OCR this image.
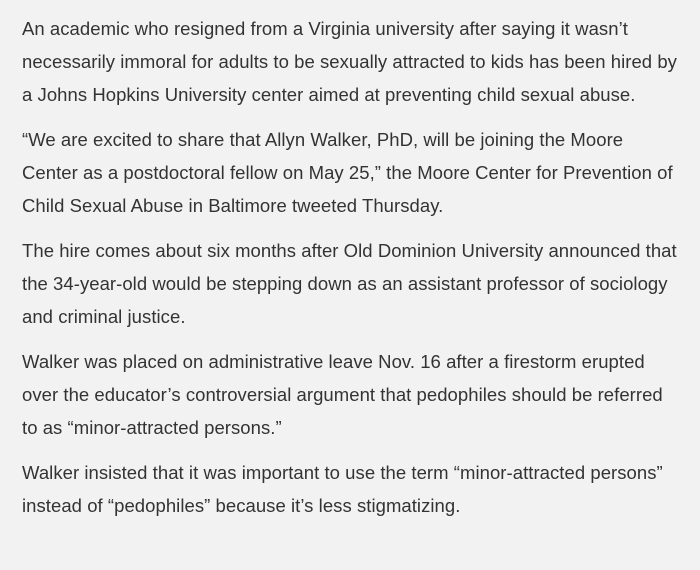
An academic who resigned from a Virginia university after saying it wasn’t necessarily immoral for adults to be sexually attracted to kids has been hired by a Johns Hopkins University center aimed at preventing child sexual abuse.

“We are excited to share that Allyn Walker, PhD, will be joining the Moore Center as a postdoctoral fellow on May 25,” the Moore Center for Prevention of Child Sexual Abuse in Baltimore tweeted Thursday.

The hire comes about six months after Old Dominion University announced that the 34-year-old would be stepping down as an assistant professor of sociology and criminal justice.

Walker was placed on administrative leave Nov. 16 after a firestorm erupted over the educator’s controversial argument that pedophiles should be referred to as “minor-attracted persons.”

Walker insisted that it was important to use the term “minor-attracted persons” instead of “pedophiles” because it’s less stigmatizing.
